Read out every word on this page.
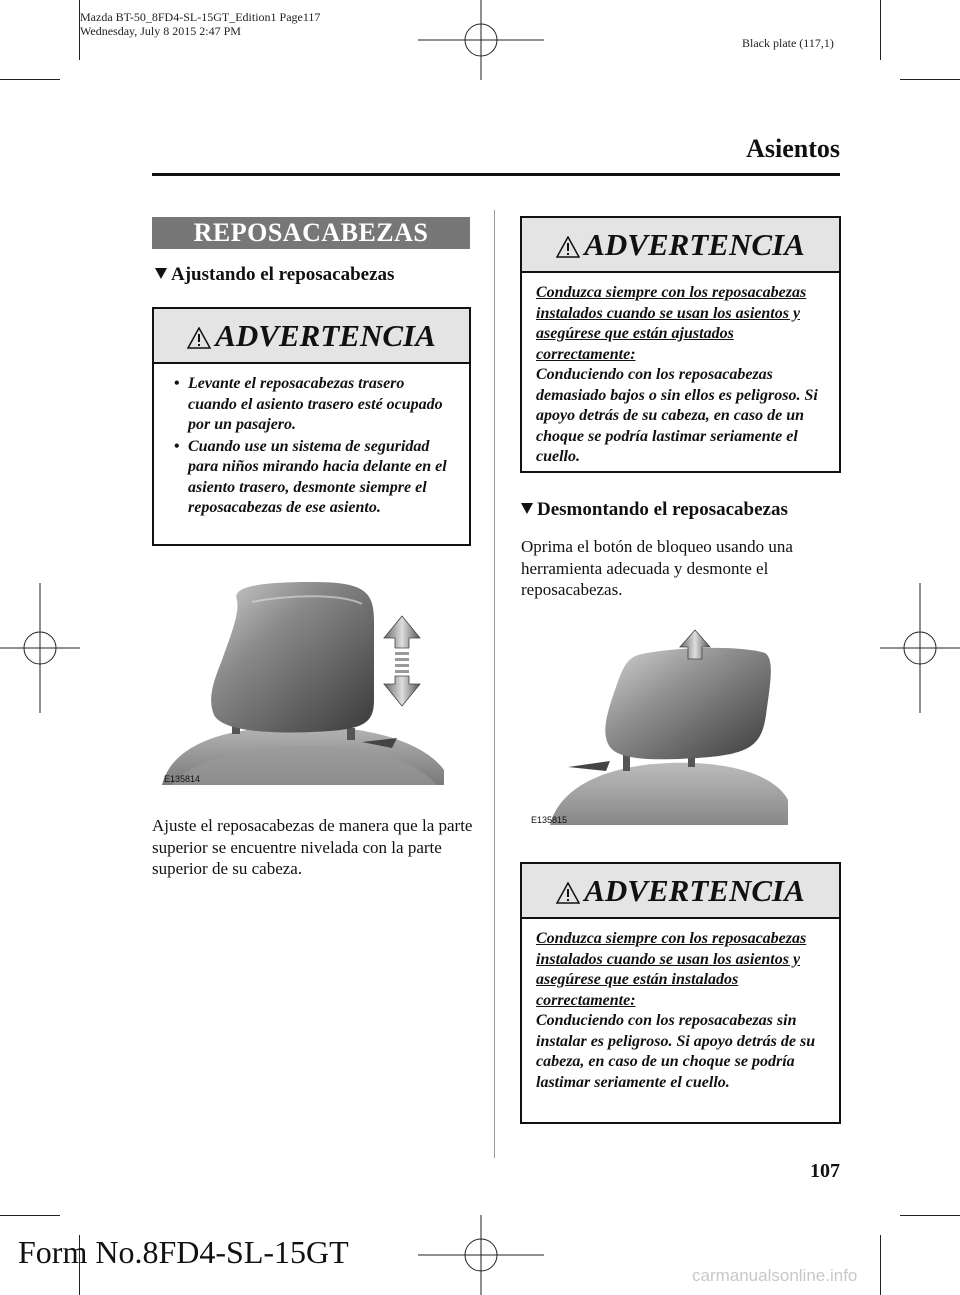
Mazda BT-50_8FD4-SL-15GT_Edition1 Page117
Wednesday, July 8 2015 2:47 PM
Black plate (117,1)
Asientos
REPOSACABEZAS
Ajustando el reposacabezas
ADVERTENCIA
• Levante el reposacabezas trasero cuando el asiento trasero esté ocupado por un pasajero.
• Cuando use un sistema de seguridad para niños mirando hacia delante en el asiento trasero, desmonte siempre el reposacabezas de ese asiento.
E135814
Ajuste el reposacabezas de manera que la parte superior se encuentre nivelada con la parte superior de su cabeza.
ADVERTENCIA
Conduzca siempre con los reposacabezas instalados cuando se usan los asientos y asegúrese que están ajustados correctamente:
Conduciendo con los reposacabezas demasiado bajos o sin ellos es peligroso. Si apoyo detrás de su cabeza, en caso de un choque se podría lastimar seriamente el cuello.
Desmontando el reposacabezas
Oprima el botón de bloqueo usando una herramienta adecuada y desmonte el reposacabezas.
E135815
ADVERTENCIA
Conduzca siempre con los reposacabezas instalados cuando se usan los asientos y asegúrese que están instalados correctamente:
Conduciendo con los reposacabezas sin instalar es peligroso. Si apoyo detrás de su cabeza, en caso de un choque se podría lastimar seriamente el cuello.
107
Form No.8FD4-SL-15GT
carmanualsonline.info
